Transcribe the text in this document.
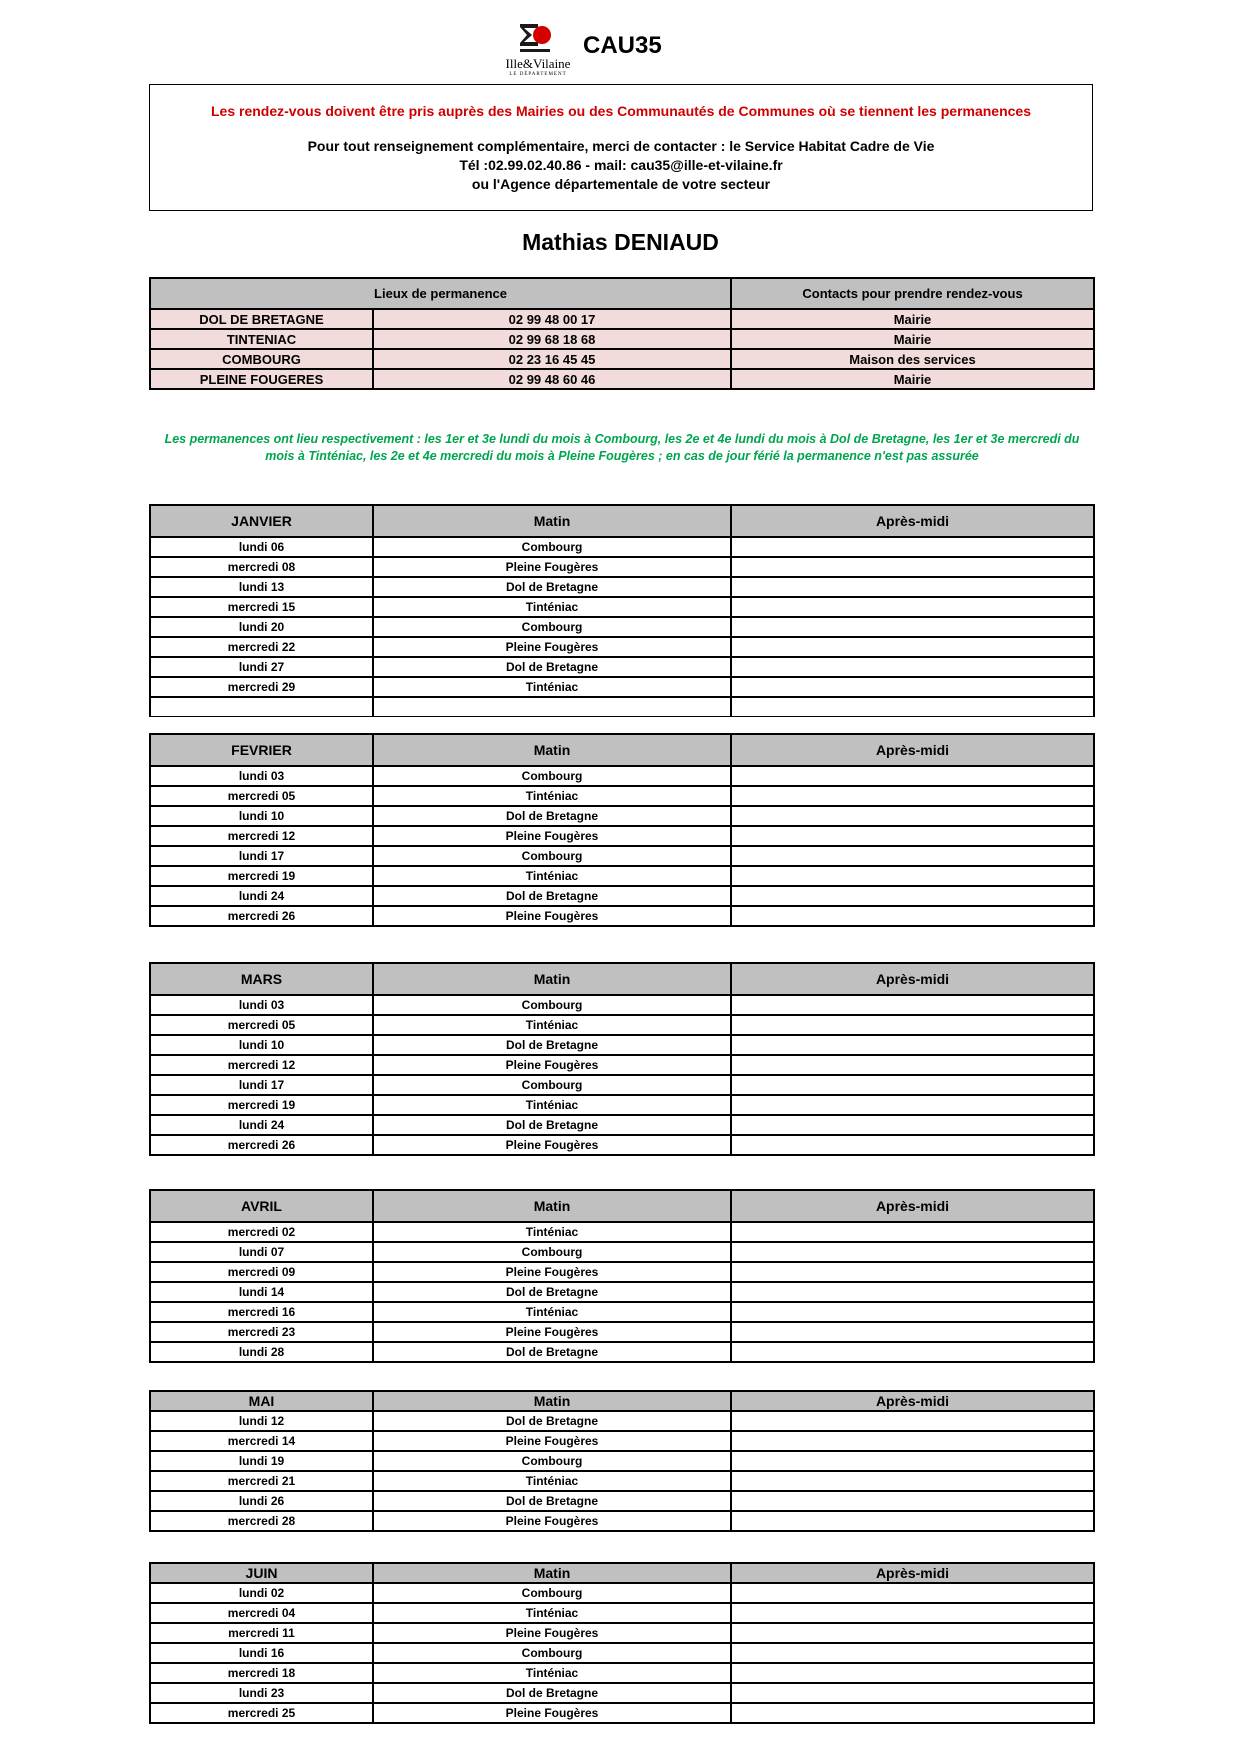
Ille&Vilaine
LE DÉPARTEMENT
CAU35
Les rendez-vous doivent être pris auprès des Mairies ou des Communautés de Communes où se tiennent les permanences
Pour tout renseignement complémentaire, merci de contacter : le Service Habitat Cadre de Vie
Tél :02.99.02.40.86 - mail: cau35@ille-et-vilaine.fr
ou l'Agence départementale de votre secteur
Mathias DENIAUD
Lieux de permanence		Contacts pour prendre rendez-vous
DOL DE BRETAGNE	02 99 48 00 17	Mairie
TINTENIAC	02 99 68 18 68	Mairie
COMBOURG	02 23 16 45 45	Maison des services
PLEINE FOUGERES	02 99 48 60 46	Mairie
Les permanences ont lieu respectivement : les 1er et 3e lundi du mois à Combourg, les 2e et 4e lundi du mois à Dol de Bretagne, les 1er et 3e mercredi du mois à Tinténiac, les 2e et 4e mercredi du mois à Pleine Fougères ; en cas de jour férié la permanence n'est pas assurée
JANVIER	Matin	Après-midi
lundi 06	Combourg	
mercredi 08	Pleine Fougères	
lundi 13	Dol de Bretagne	
mercredi 15	Tinténiac	
lundi 20	Combourg	
mercredi 22	Pleine Fougères	
lundi 27	Dol de Bretagne	
mercredi 29	Tinténiac	

FEVRIER	Matin	Après-midi
lundi 03	Combourg	
mercredi 05	Tinténiac	
lundi 10	Dol de Bretagne	
mercredi 12	Pleine Fougères	
lundi 17	Combourg	
mercredi 19	Tinténiac	
lundi 24	Dol de Bretagne	
mercredi 26	Pleine Fougères	
MARS	Matin	Après-midi
lundi 03	Combourg	
mercredi 05	Tinténiac	
lundi 10	Dol de Bretagne	
mercredi 12	Pleine Fougères	
lundi 17	Combourg	
mercredi 19	Tinténiac	
lundi 24	Dol de Bretagne	
mercredi 26	Pleine Fougères	
AVRIL	Matin	Après-midi
mercredi 02	Tinténiac	
lundi 07	Combourg	
mercredi 09	Pleine Fougères	
lundi 14	Dol de Bretagne	
mercredi 16	Tinténiac	
mercredi 23	Pleine Fougères	
lundi 28	Dol de Bretagne	
MAI	Matin	Après-midi
lundi 12	Dol de Bretagne	
mercredi 14	Pleine Fougères	
lundi 19	Combourg	
mercredi 21	Tinténiac	
lundi 26	Dol de Bretagne	
mercredi 28	Pleine Fougères	
JUIN	Matin	Après-midi
lundi 02	Combourg	
mercredi 04	Tinténiac	
mercredi 11	Pleine Fougères	
lundi 16	Combourg	
mercredi 18	Tinténiac	
lundi 23	Dol de Bretagne	
mercredi 25	Pleine Fougères	
